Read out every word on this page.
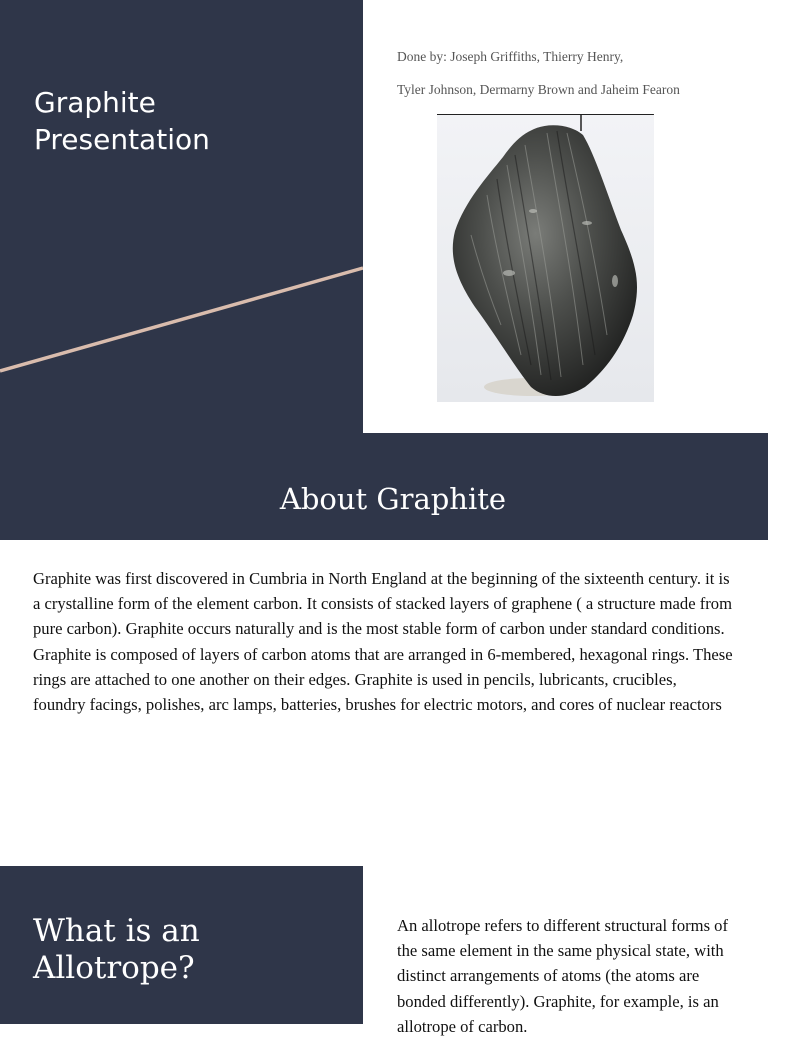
Graphite
Presentation

Done by: Joseph Griffiths, Thierry Henry,

Tyler Johnson, Dermarny Brown and Jaheim Fearon

About Graphite

Graphite was first discovered in Cumbria in North England at the beginning of the sixteenth century. it is a crystalline form of the element carbon. It consists of stacked layers of graphene ( a structure made from pure carbon). Graphite occurs naturally and is the most stable form of carbon under standard conditions. Graphite is composed of layers of carbon atoms that are arranged in 6-membered, hexagonal rings. These rings are attached to one another on their edges. Graphite is used in pencils, lubricants, crucibles, foundry facings, polishes, arc lamps, batteries, brushes for electric motors, and cores of nuclear reactors

What is an
Allotrope?

An allotrope refers to different structural forms of the same element in the same physical state, with distinct arrangements of atoms (the atoms are bonded differently). Graphite, for example, is an allotrope of carbon.
